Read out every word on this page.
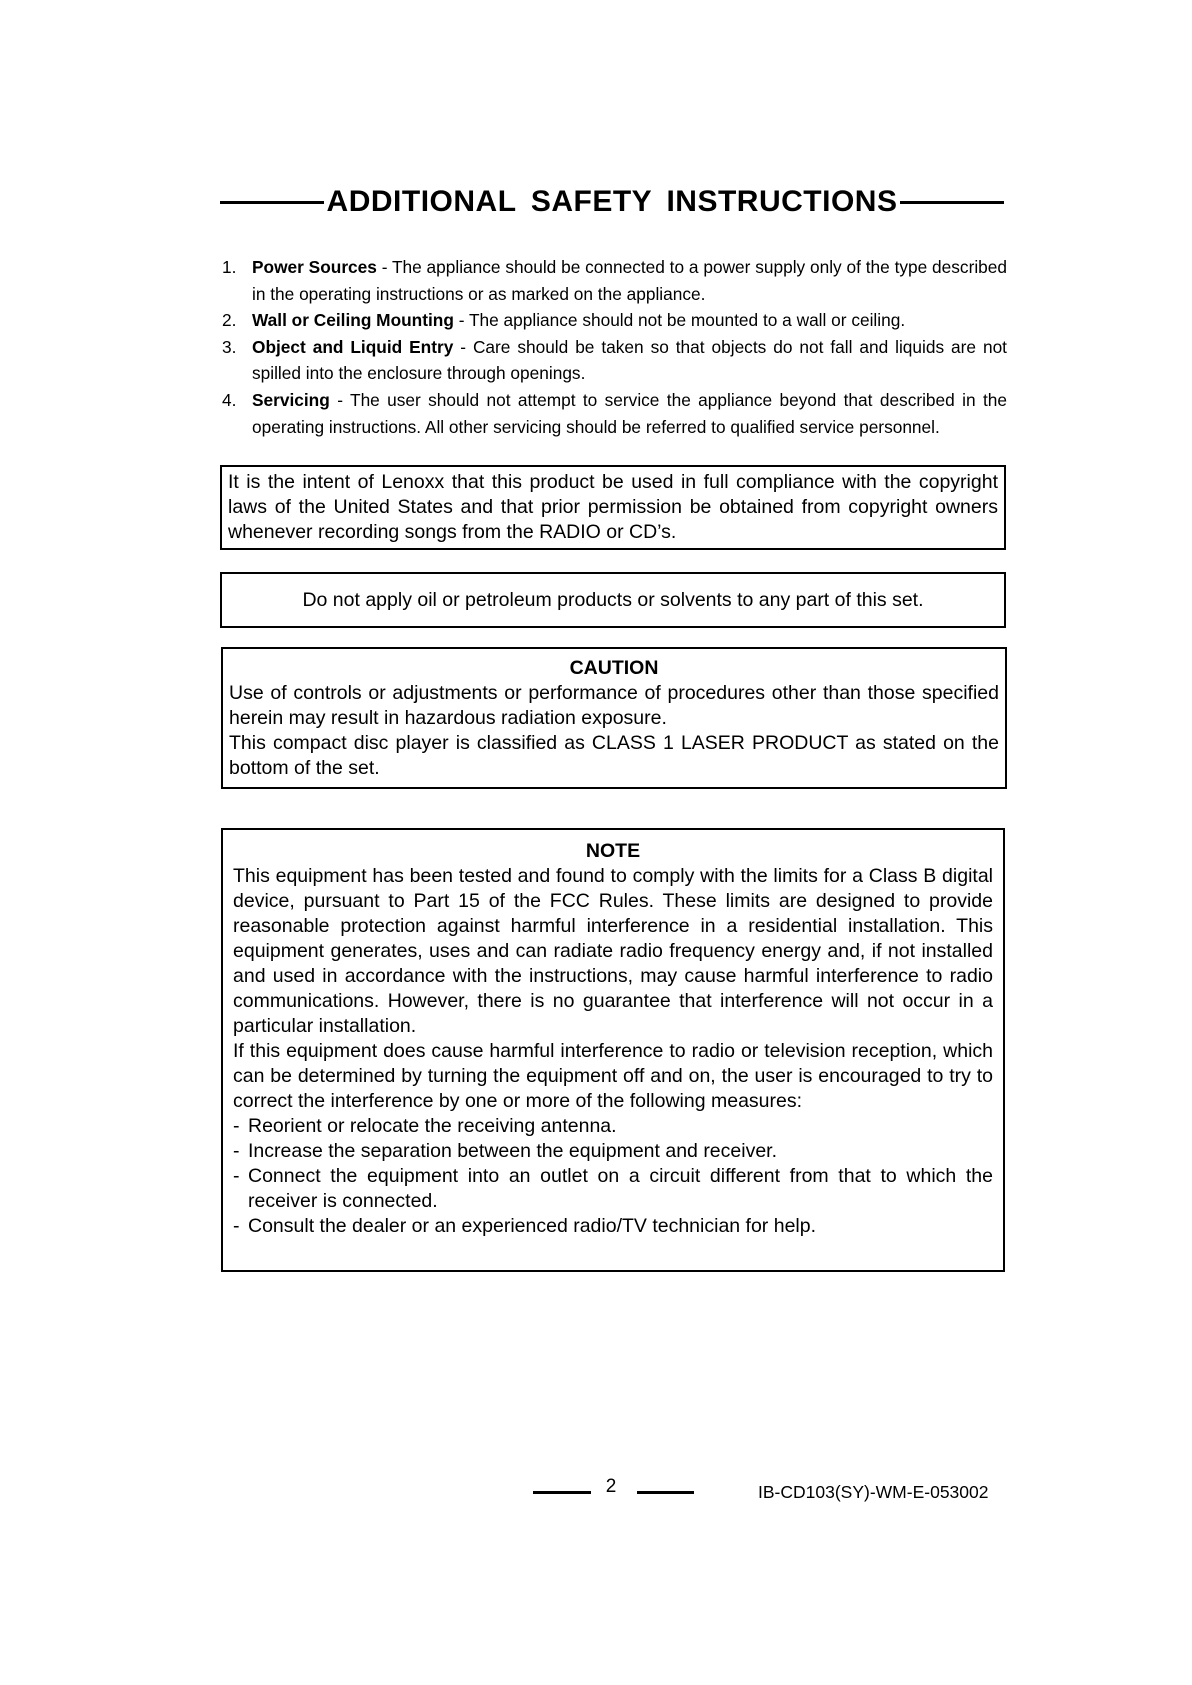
ADDITIONAL SAFETY INSTRUCTIONS
1. Power Sources - The appliance should be connected to a power supply only of the type described in the operating instructions or as marked on the appliance.
2. Wall or Ceiling Mounting - The appliance should not be mounted to a wall or ceiling.
3. Object and Liquid Entry - Care should be taken so that objects do not fall and liquids are not spilled into the enclosure through openings.
4. Servicing - The user should not attempt to service the appliance beyond that described in the operating instructions. All other servicing should be referred to qualified service personnel.

It is the intent of Lenoxx that this product be used in full compliance with the copyright laws of the United States and that prior permission be obtained from copyright owners whenever recording songs from the RADIO or CD’s.

Do not apply oil or petroleum products or solvents to any part of this set.

CAUTION

Use of controls or adjustments or performance of procedures other than those specified herein may result in hazardous radiation exposure.

This compact disc player is classified as CLASS 1 LASER PRODUCT as stated on the bottom of the set.

NOTE

This equipment has been tested and found to comply with the limits for a Class B digital device, pursuant to Part 15 of the FCC Rules. These limits are designed to provide reasonable protection against harmful interference in a residential installation. This equipment generates, uses and can radiate radio frequency energy and, if not installed and used in accordance with the instructions, may cause harmful interference to radio communications. However, there is no guarantee that interference will not occur in a particular installation.

If this equipment does cause harmful interference to radio or television reception, which can be determined by turning the equipment off and on, the user is encouraged to try to correct the interference by one or more of the following measures:

- Reorient or relocate the receiving antenna.
- Increase the separation between the equipment and receiver.
- Connect the equipment into an outlet on a circuit different from that to which the receiver is connected.
- Consult the dealer or an experienced radio/TV technician for help.
2	IB-CD103(SY)-WM-E-053002
